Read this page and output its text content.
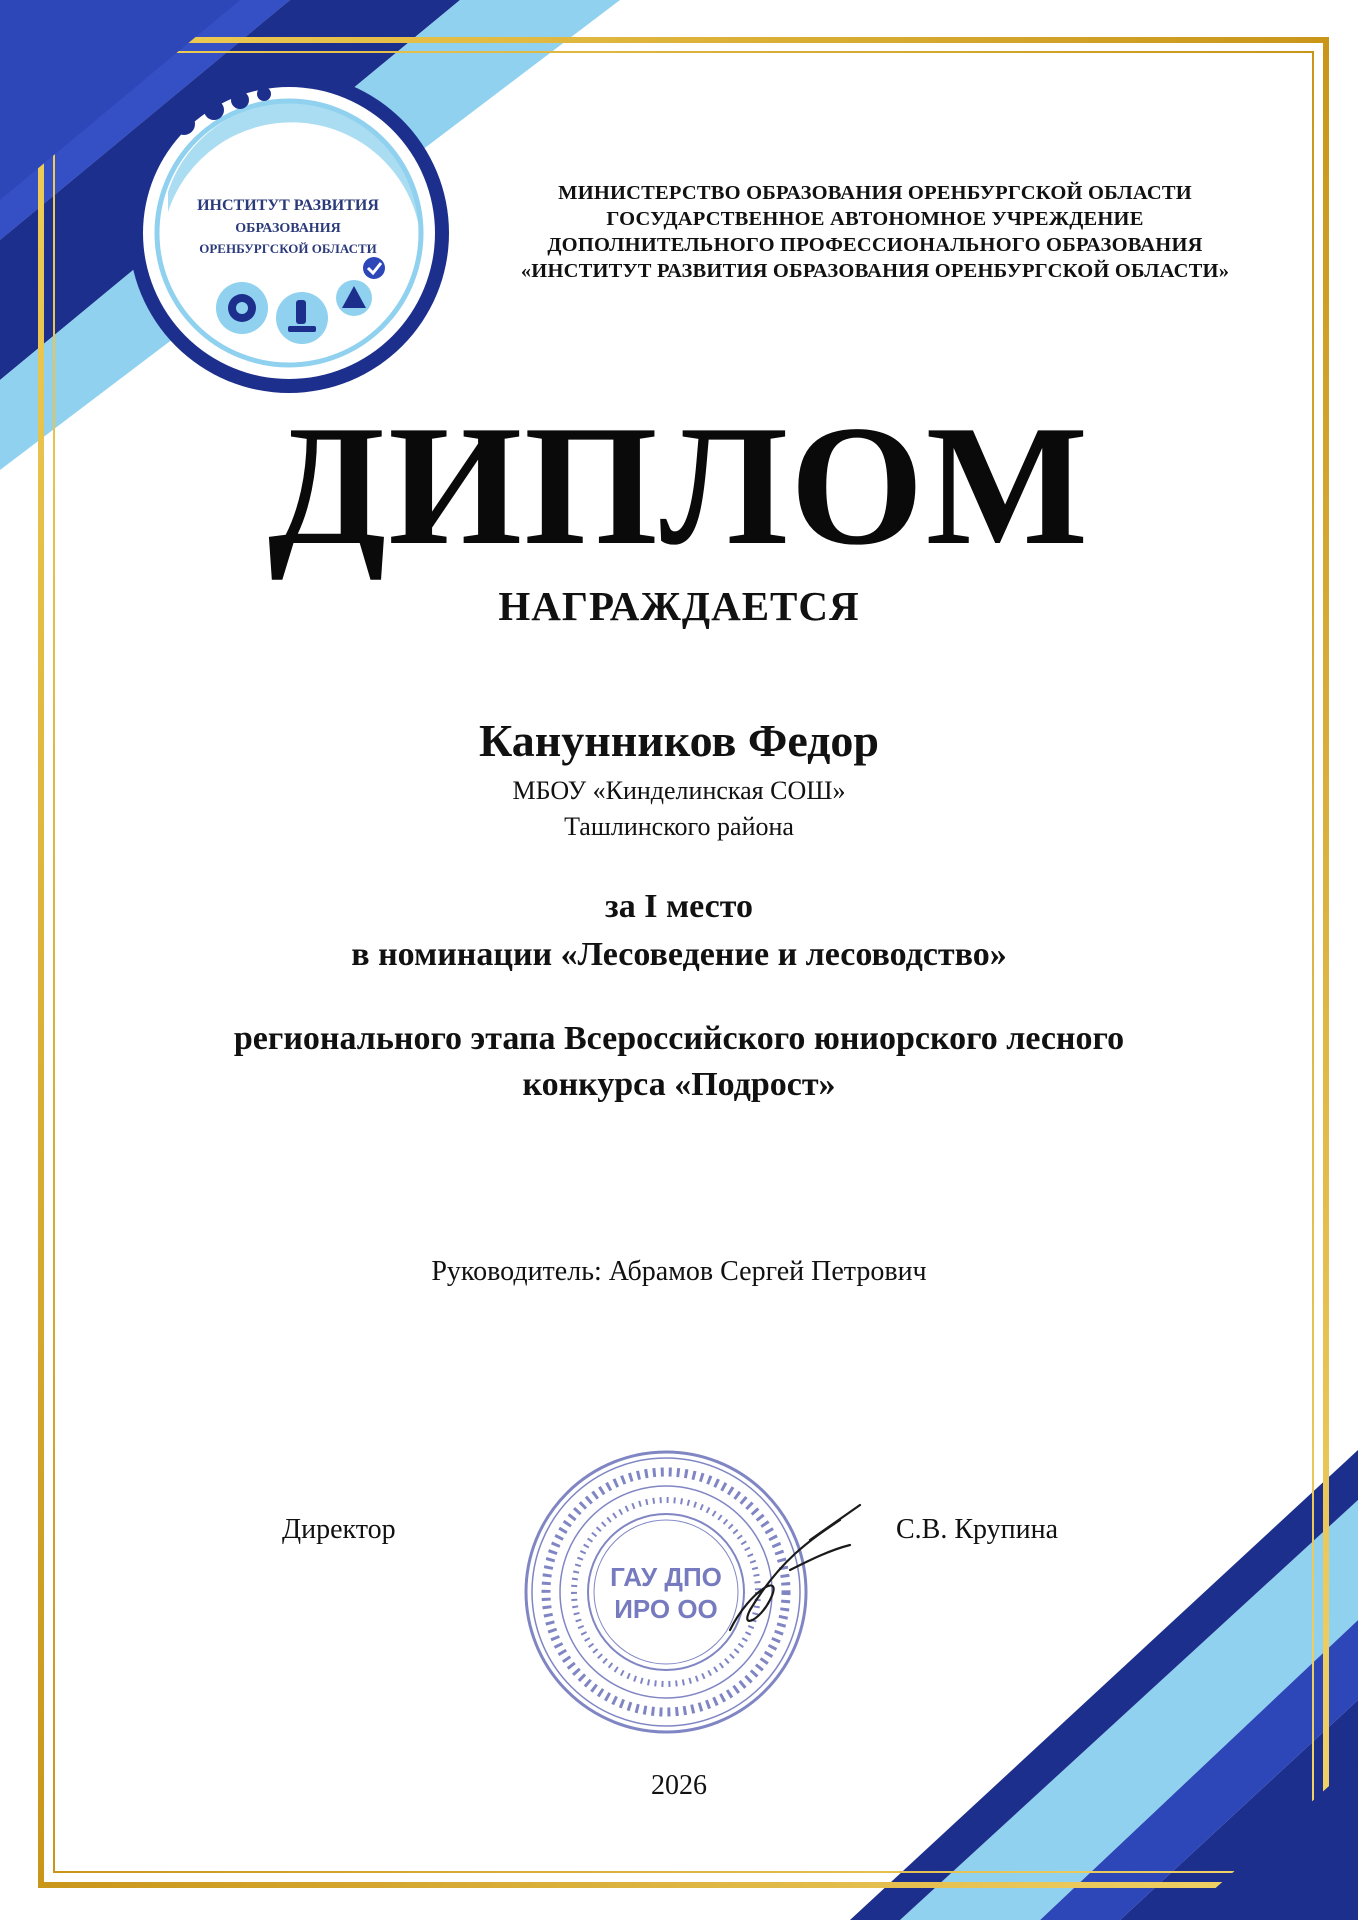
ИНСТИТУТ РАЗВИТИЯ
ОБРАЗОВАНИЯ
ОРЕНБУРГСКОЙ ОБЛАСТИ
МИНИСТЕРСТВО ОБРАЗОВАНИЯ ОРЕНБУРГСКОЙ ОБЛАСТИ
ГОСУДАРСТВЕННОЕ АВТОНОМНОЕ УЧРЕЖДЕНИЕ
ДОПОЛНИТЕЛЬНОГО ПРОФЕССИОНАЛЬНОГО ОБРАЗОВАНИЯ
«ИНСТИТУТ РАЗВИТИЯ ОБРАЗОВАНИЯ ОРЕНБУРГСКОЙ ОБЛАСТИ»
ДИПЛОМ
НАГРАЖДАЕТСЯ
Канунников Федор
МБОУ «Кинделинская СОШ»
Ташлинского района
за I место
в номинации «Лесоведение и лесоводство»
регионального этапа Всероссийского юниорского лесного
конкурса «Подрост»
Руководитель: Абрамов Сергей Петрович
Директор	С.В. Крупина
ГАУ ДПО
ИРО ОО
2026
